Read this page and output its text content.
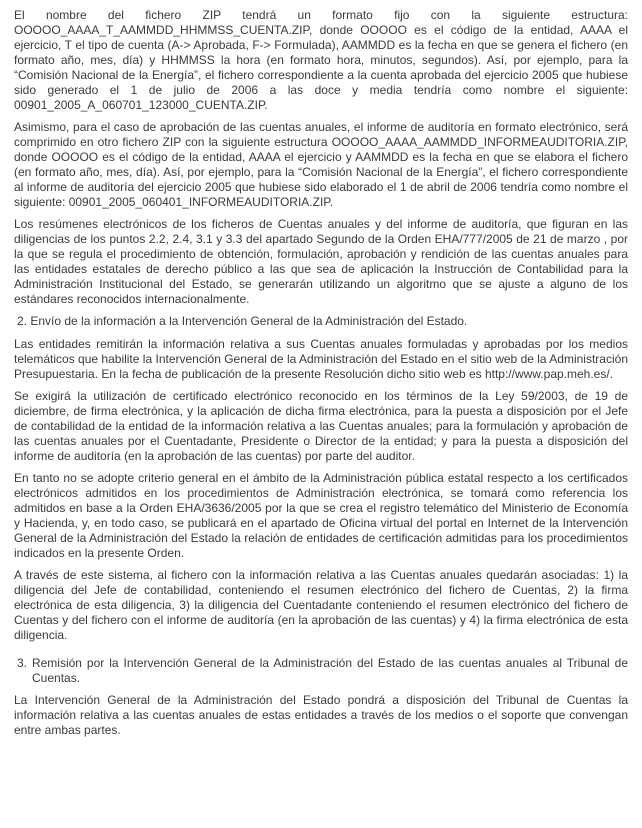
El nombre del fichero ZIP tendrá un formato fijo con la siguiente estructura: OOOOO_AAAA_T_AAMMDD_HHMMSS_CUENTA.ZIP, donde OOOOO es el código de la entidad, AAAA el ejercicio, T el tipo de cuenta (A-> Aprobada, F-> Formulada), AAMMDD es la fecha en que se genera el fichero (en formato año, mes, día) y HHMMSS la hora (en formato hora, minutos, segundos). Así, por ejemplo, para la “Comisión Nacional de la Energía”, el fichero correspondiente a la cuenta aprobada del ejercicio 2005 que hubiese sido generado el 1 de julio de 2006 a las doce y media tendría como nombre el siguiente: 00901_2005_A_060701_123000_CUENTA.ZIP.

Asimismo, para el caso de aprobación de las cuentas anuales, el informe de auditoría en formato electrónico, será comprimido en otro fichero ZIP con la siguiente estructura OOOOO_AAAA_AAMMDD_INFORMEAUDITORIA.ZIP, donde OOOOO es el código de la entidad, AAAA el ejercicio y AAMMDD es la fecha en que se elabora el fichero (en formato año, mes, día). Así, por ejemplo, para la “Comisión Nacional de la Energía”, el fichero correspondiente al informe de auditoría del ejercicio 2005 que hubiese sido elaborado el 1 de abril de 2006 tendría como nombre el siguiente: 00901_2005_060401_INFORMEAUDITORIA.ZIP.

Los resúmenes electrónicos de los ficheros de Cuentas anuales y del informe de auditoría, que figuran en las diligencias de los puntos 2.2, 2.4, 3.1 y 3.3 del apartado Segundo de la Orden EHA/777/2005 de 21 de marzo , por la que se regula el procedimiento de obtención, formulación, aprobación y rendición de las cuentas anuales para las entidades estatales de derecho público a las que sea de aplicación la Instrucción de Contabilidad para la Administración Institucional del Estado, se generarán utilizando un algoritmo que se ajuste a alguno de los estándares reconocidos internacionalmente.

2. Envío de la información a la Intervención General de la Administración del Estado.

Las entidades remitirán la información relativa a sus Cuentas anuales formuladas y aprobadas por los medios telemáticos que habilite la Intervención General de la Administración del Estado en el sitio web de la Administración Presupuestaria. En la fecha de publicación de la presente Resolución dicho sitio web es http://www.pap.meh.es/.

Se exigirá la utilización de certificado electrónico reconocido en los términos de la Ley 59/2003, de 19 de diciembre, de firma electrónica, y la aplicación de dicha firma electrónica, para la puesta a disposición por el Jefe de contabilidad de la entidad de la información relativa a las Cuentas anuales; para la formulación y aprobación de las cuentas anuales por el Cuentadante, Presidente o Director de la entidad; y para la puesta a disposición del informe de auditoría (en la aprobación de las cuentas) por parte del auditor.

En tanto no se adopte criterio general en el ámbito de la Administración pública estatal respecto a los certificados electrónicos admitidos en los procedimientos de Administración electrónica, se tomará como referencia los admitidos en base a la Orden EHA/3636/2005 por la que se crea el registro telemático del Ministerio de Economía y Hacienda, y, en todo caso, se publicará en el apartado de Oficina virtual del portal en Internet de la Intervención General de la Administración del Estado la relación de entidades de certificación admitidas para los procedimientos indicados en la presente Orden.

A través de este sistema, al fichero con la información relativa a las Cuentas anuales quedarán asociadas: 1) la diligencia del Jefe de contabilidad, conteniendo el resumen electrónico del fichero de Cuentas, 2) la firma electrónica de esta diligencia, 3) la diligencia del Cuentadante conteniendo el resumen electrónico del fichero de Cuentas y del fichero con el informe de auditoría (en la aprobación de las cuentas) y 4) la firma electrónica de esta diligencia.

3. Remisión por la Intervención General de la Administración del Estado de las cuentas anuales al Tribunal de Cuentas.

La Intervención General de la Administración del Estado pondrá a disposición del Tribunal de Cuentas la información relativa a las cuentas anuales de estas entidades a través de los medios o el soporte que convengan entre ambas partes.
